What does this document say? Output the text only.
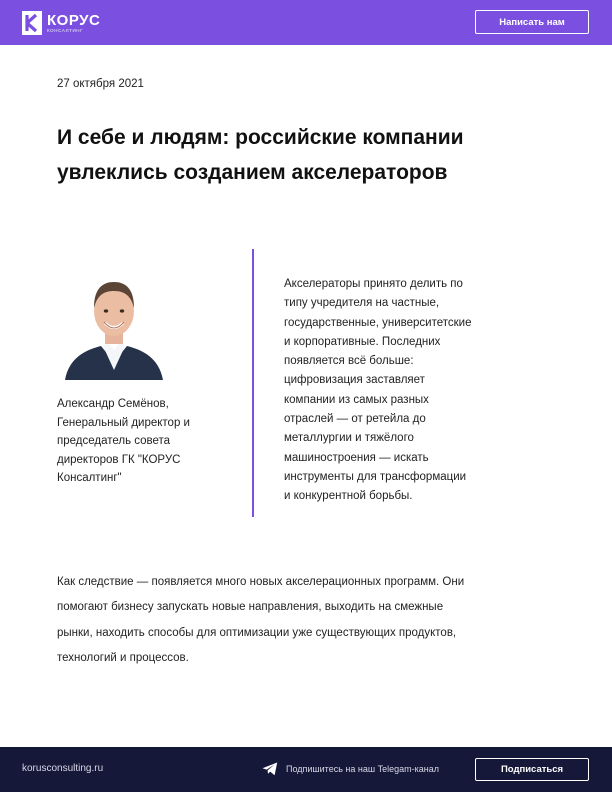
КОРУС
КОНСАЛТИНГ
Написать нам
27 октября 2021
И себе и людям: российские компании увлеклись созданием акселераторов
Александр Семёнов,
Генеральный директор и
председатель совета
директоров ГК "КОРУС
Консалтинг"
Акселераторы принято делить по
типу учредителя на частные,
государственные, университетские
и корпоративные. Последних
появляется всё больше:
цифровизация заставляет
компании из самых разных
отраслей — от ретейла до
металлургии и тяжёлого
машиностроения — искать
инструменты для трансформации
и конкурентной борьбы.
Как следствие — появляется много новых акселерационных программ. Они
помогают бизнесу запускать новые направления, выходить на смежные
рынки, находить способы для оптимизации уже существующих продуктов,
технологий и процессов.
korusconsulting.ru	Подпишитесь на наш Telegam-канал	Подписаться
